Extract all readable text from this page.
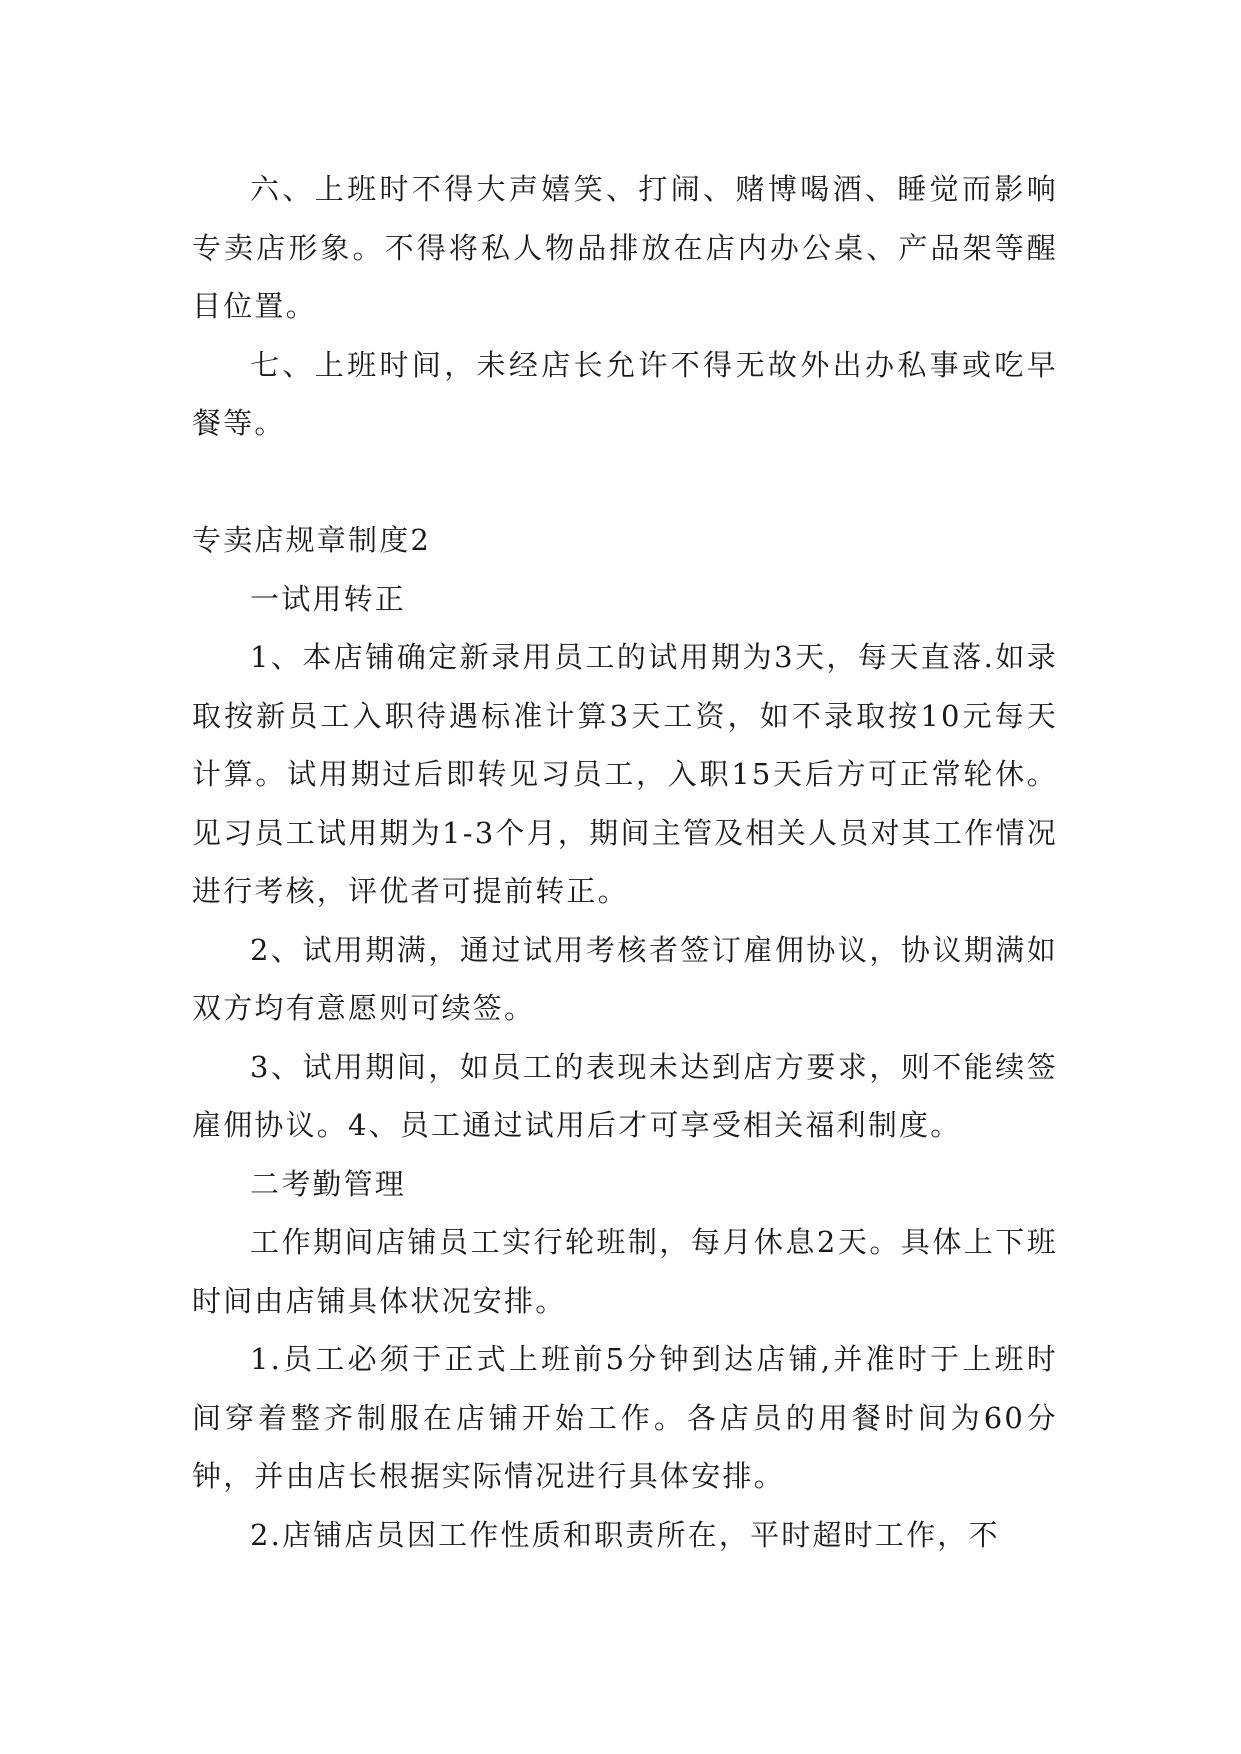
六、上班时不得大声嬉笑、打闹、赌博喝酒、睡觉而影响专卖店形象。不得将私人物品排放在店内办公桌、产品架等醒目位置。

七、上班时间，未经店长允许不得无故外出办私事或吃早餐等。

专卖店规章制度2

一试用转正

1、本店铺确定新录用员工的试用期为3天，每天直落.如录取按新员工入职待遇标准计算3天工资，如不录取按10元每天计算。试用期过后即转见习员工，入职15天后方可正常轮休。见习员工试用期为1-3个月，期间主管及相关人员对其工作情况进行考核，评优者可提前转正。

2、试用期满，通过试用考核者签订雇佣协议，协议期满如双方均有意愿则可续签。

3、试用期间，如员工的表现未达到店方要求，则不能续签雇佣协议。4、员工通过试用后才可享受相关福利制度。

二考勤管理

工作期间店铺员工实行轮班制，每月休息2天。具体上下班时间由店铺具体状况安排。

1.员工必须于正式上班前5分钟到达店铺,并准时于上班时间穿着整齐制服在店铺开始工作。各店员的用餐时间为60分钟，并由店长根据实际情况进行具体安排。

2.店铺店员因工作性质和职责所在，平时超时工作，不
